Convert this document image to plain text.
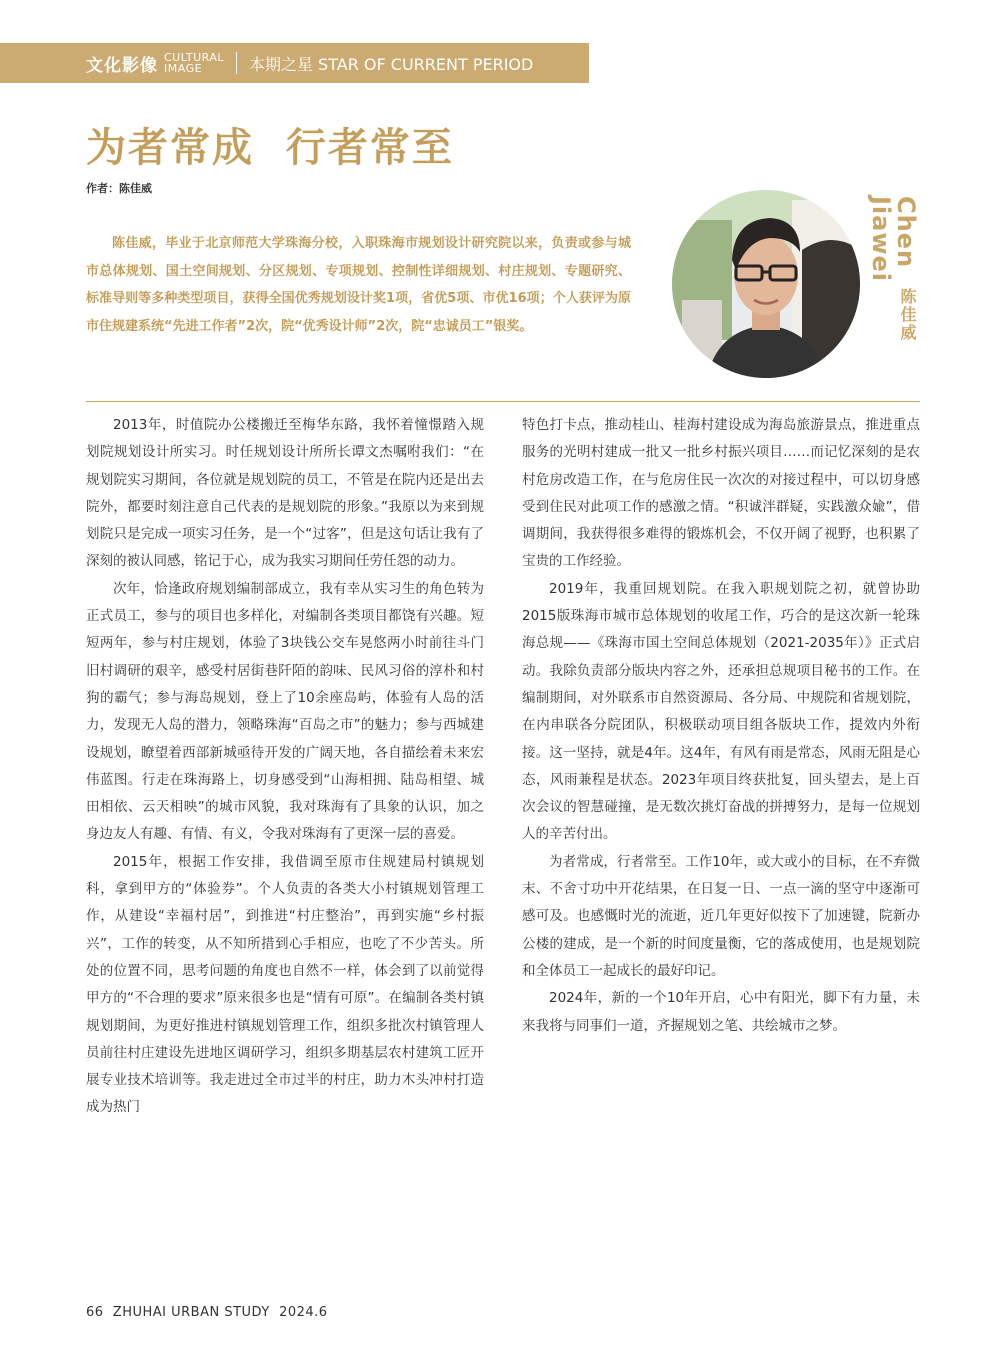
文化影像 CULTURAL
IMAGE	本期之星 STAR OF CURRENT PERIOD
为者常成  行者常至
作者：陈佳威

陈佳威，毕业于北京师范大学珠海分校，入职珠海市规划设计研究院以来，负责或参与城市总体规划、国土空间规划、分区规划、专项规划、控制性详细规划、村庄规划、专题研究、标准导则等多种类型项目，获得全国优秀规划设计奖1项，省优5项、市优16项；个人获评为原市住规建系统“先进工作者”2次，院“优秀设计师”2次，院“忠诚员工”银奖。

Chen
Jiawei
陈佳威

2013年，时值院办公楼搬迁至梅华东路，我怀着憧憬踏入规划院规划设计所实习。时任规划设计所所长谭文杰嘱咐我们：“在规划院实习期间，各位就是规划院的员工，不管是在院内还是出去院外，都要时刻注意自己代表的是规划院的形象。”我原以为来到规划院只是完成一项实习任务，是一个“过客”，但是这句话让我有了深刻的被认同感，铭记于心，成为我实习期间任劳任怨的动力。

次年，恰逢政府规划编制部成立，我有幸从实习生的角色转为正式员工，参与的项目也多样化，对编制各类项目都饶有兴趣。短短两年，参与村庄规划，体验了3块钱公交车晃悠两小时前往斗门旧村调研的艰辛，感受村居街巷阡陌的韵味、民风习俗的淳朴和村狗的霸气；参与海岛规划，登上了10余座岛屿，体验有人岛的活力，发现无人岛的潜力，领略珠海“百岛之市”的魅力；参与西城建设规划，瞭望着西部新城亟待开发的广阔天地，各自描绘着未来宏伟蓝图。行走在珠海路上，切身感受到“山海相拥、陆岛相望、城田相依、云天相映”的城市风貌，我对珠海有了具象的认识，加之身边友人有趣、有情、有义，令我对珠海有了更深一层的喜爱。

2015年，根据工作安排，我借调至原市住规建局村镇规划科，拿到甲方的“体验券”。个人负责的各类大小村镇规划管理工作，从建设“幸福村居”，到推进“村庄整治”，再到实施“乡村振兴”，工作的转变，从不知所措到心手相应，也吃了不少苦头。所处的位置不同，思考问题的角度也自然不一样，体会到了以前觉得甲方的“不合理的要求”原来很多也是“情有可原”。在编制各类村镇规划期间，为更好推进村镇规划管理工作，组织多批次村镇管理人员前往村庄建设先进地区调研学习，组织多期基层农村建筑工匠开展专业技术培训等。我走进过全市过半的村庄，助力木头冲村打造成为热门

特色打卡点，推动桂山、桂海村建设成为海岛旅游景点，推进重点服务的光明村建成一批又一批乡村振兴项目……而记忆深刻的是农村危房改造工作，在与危房住民一次次的对接过程中，可以切身感受到住民对此项工作的感激之情。“积诚泮群疑，实践激众婾”，借调期间，我获得很多难得的锻炼机会，不仅开阔了视野，也积累了宝贵的工作经验。

2019年，我重回规划院。在我入职规划院之初，就曾协助2015版珠海市城市总体规划的收尾工作，巧合的是这次新一轮珠海总规——《珠海市国土空间总体规划（2021-2035年）》正式启动。我除负责部分版块内容之外，还承担总规项目秘书的工作。在编制期间，对外联系市自然资源局、各分局、中规院和省规划院，在内串联各分院团队，积极联动项目组各版块工作，提效内外衔接。这一坚持，就是4年。这4年，有风有雨是常态，风雨无阻是心态，风雨兼程是状态。2023年项目终获批复，回头望去，是上百次会议的智慧碰撞，是无数次挑灯奋战的拼搏努力，是每一位规划人的辛苦付出。

为者常成，行者常至。工作10年，或大或小的目标，在不弃微末、不舍寸功中开花结果，在日复一日、一点一滴的坚守中逐渐可感可及。也感慨时光的流逝，近几年更好似按下了加速键，院新办公楼的建成，是一个新的时间度量衡，它的落成使用，也是规划院和全体员工一起成长的最好印记。

2024年，新的一个10年开启，心中有阳光，脚下有力量，未来我将与同事们一道，齐握规划之笔、共绘城市之梦。

66  ZHUHAI URBAN STUDY  2024.6
